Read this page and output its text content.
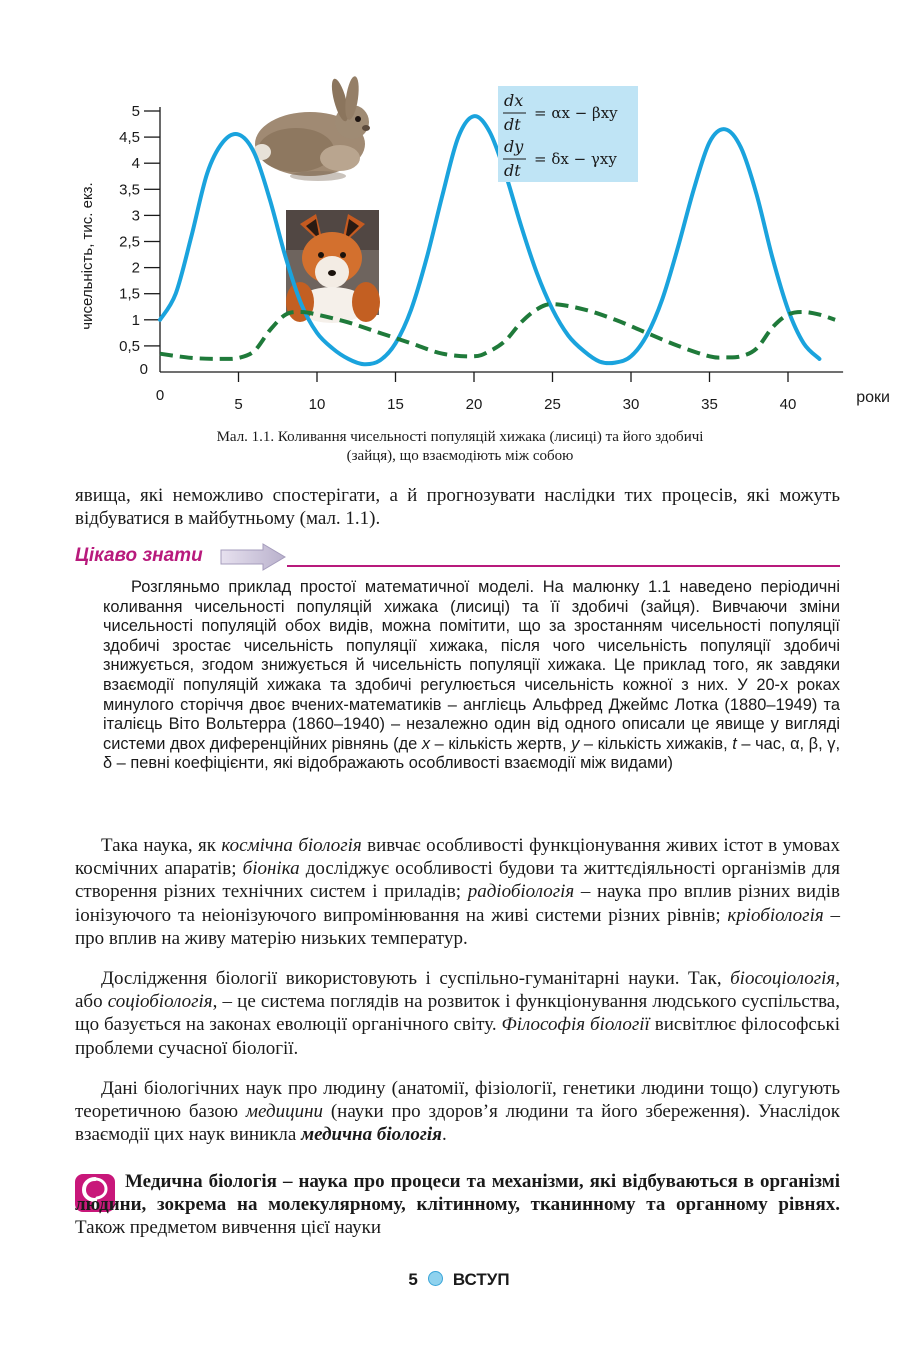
0
0,5
1
1,5
2
2,5
3
3,5
4
4,5
5
0
5	10	15	20	25	30	35	40
чисельність, тис. екз.
роки
dx
dt
= αx − βxy
dy
dt
= δx − γxy
Мал. 1.1. Коливання чисельності популяцій хижака (лисиці) та його здобичі
(зайця), що взаємодіють між собою

явища, які неможливо спостерігати, а й прогнозувати наслідки тих процесів, які можуть відбуватися в майбутньому (мал. 1.1).

Цікаво знати

Розгляньмо приклад простої математичної моделі. На малюнку 1.1 наведено періодичні коливання чисельності популяцій хижака (лисиці) та її здобичі (зайця). Вивчаючи зміни чисельності популяцій обох видів, можна помітити, що за зростанням чисельності популяції здобичі зростає чисельність популяції хижака, після чого чисельність популяції здобичі знижується, згодом знижується й чисельність популяції хижака. Це приклад того, як завдяки взаємодії популяцій хижака та здобичі регулюється чисельність кожної з них. У 20-х роках минулого сторіччя двоє вчених-математиків – англієць Альфред Джеймс Лотка (1880–1949) та італієць Віто Вольтерра (1860–1940) – незалежно один від одного описали це явище у вигляді системи двох диференційних рівнянь (де x – кількість жертв, y – кількість хижаків, t – час, α, β, γ, δ – певні коефіцієнти, які відображають особливості взаємодії між видами)

Така наука, як космічна біологія вивчає особливості функціонування живих істот в умовах космічних апаратів; біоніка досліджує особливості будови та життєдіяльності організмів для створення різних технічних систем і приладів; радіобіологія – наука про вплив різних видів іонізуючого та неіонізуючого випромінювання на живі системи різних рівнів; кріобіологія – про вплив на живу матерію низьких температур.

Дослідження біології використовують і суспільно-гуманітарні науки. Так, біосоціологія, або соціобіологія, – це система поглядів на розвиток і функціонування людського суспільства, що базується на законах еволюції органічного світу. Філософія біології висвітлює філософські проблеми сучасної біології.

Дані біологічних наук про людину (анатомії, фізіології, генетики людини тощо) слугують теоретичною базою медицини (науки про здоров’я людини та його збереження). Унаслідок взаємодії цих наук виникла медична біологія.

Медична біологія – наука про процеси та механізми, які відбуваються в організмі людини, зокрема на молекулярному, клітинному, тканинному та органному рівнях. Також предметом вивчення цієї науки

5 ВСТУП
